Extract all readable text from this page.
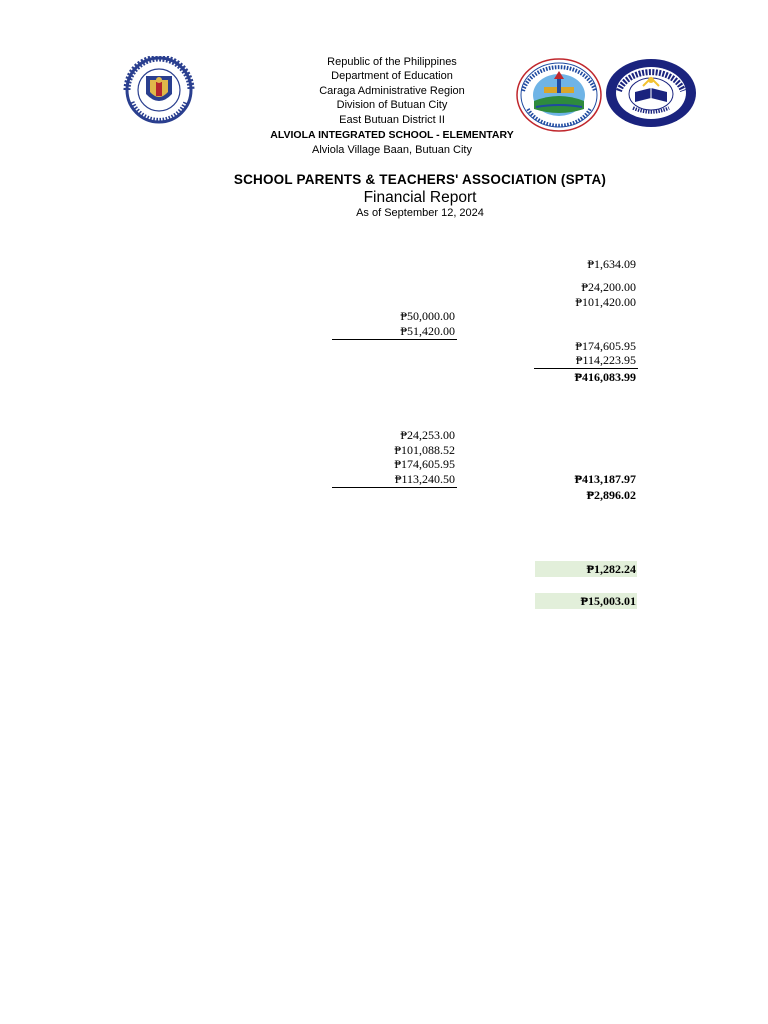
Republic of the Philippines
Department of Education
Caraga Administrative Region
Division of Butuan City
East Butuan District II
ALVIOLA INTEGRATED SCHOOL - ELEMENTARY
Alviola Village Baan, Butuan City
SCHOOL PARENTS & TEACHERS' ASSOCIATION (SPTA)
Financial Report
As of September 12, 2024
₱1,634.09
₱24,200.00
₱101,420.00
₱50,000.00
₱51,420.00
₱174,605.95
₱114,223.95
₱416,083.99
₱24,253.00
₱101,088.52
₱174,605.95
₱113,240.50	₱413,187.97
₱2,896.02
₱1,282.24
₱15,003.01
